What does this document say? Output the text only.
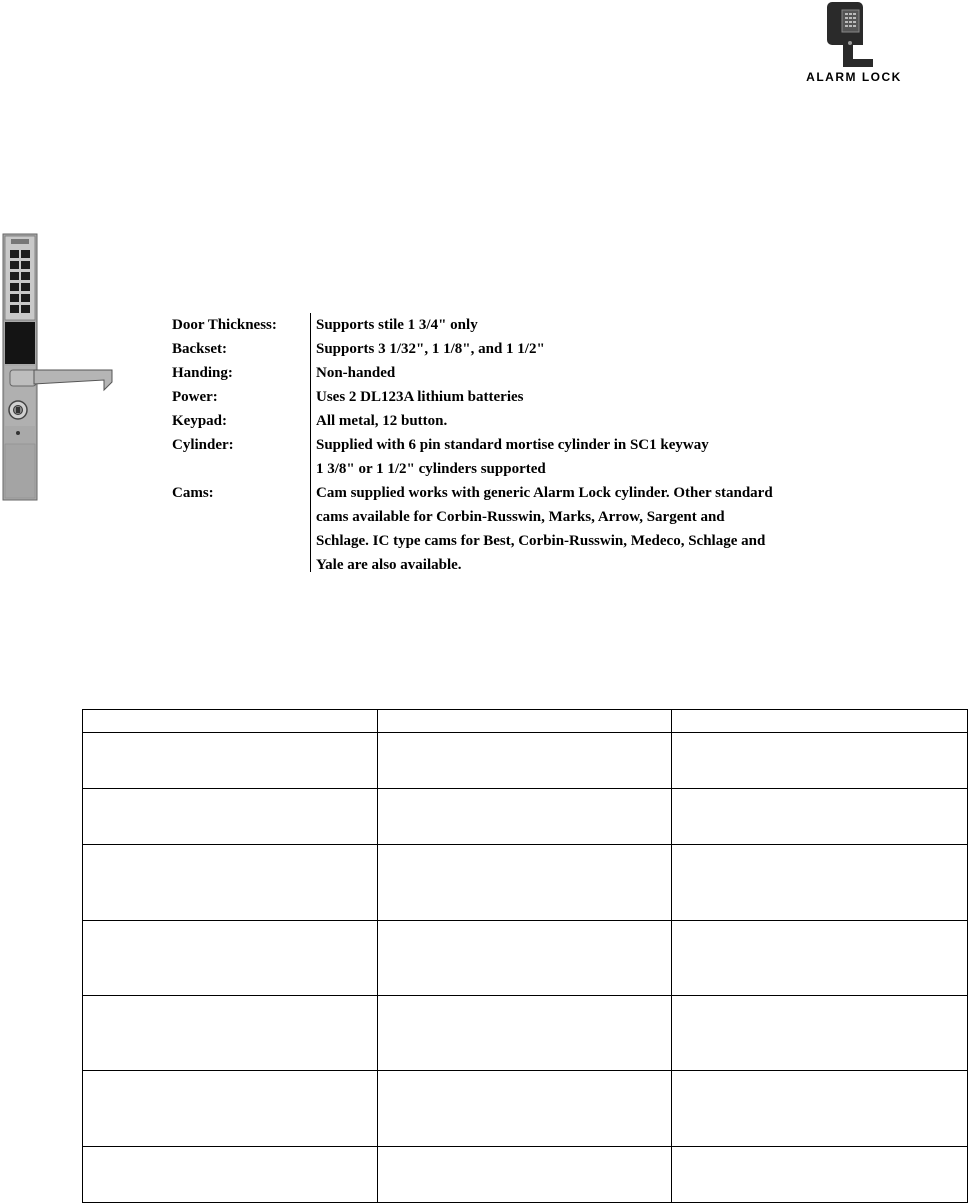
ALARM LOCK
Door Thickness:	Supports stile 1 3/4" only
Backset:	Supports 3 1/32", 1 1/8", and 1 1/2"
Handing:	Non-handed
Power:	Uses 2 DL123A lithium batteries
Keypad:	All metal, 12 button.
Cylinder:	Supplied with 6 pin standard mortise cylinder in SC1 keyway
1 3/8" or 1 1/2" cylinders supported
Cams:	Cam supplied works with generic Alarm Lock cylinder. Other standard
cams available for Corbin-Russwin, Marks, Arrow, Sargent and
Schlage. IC type cams for Best, Corbin-Russwin, Medeco, Schlage and
Yale are also available.
